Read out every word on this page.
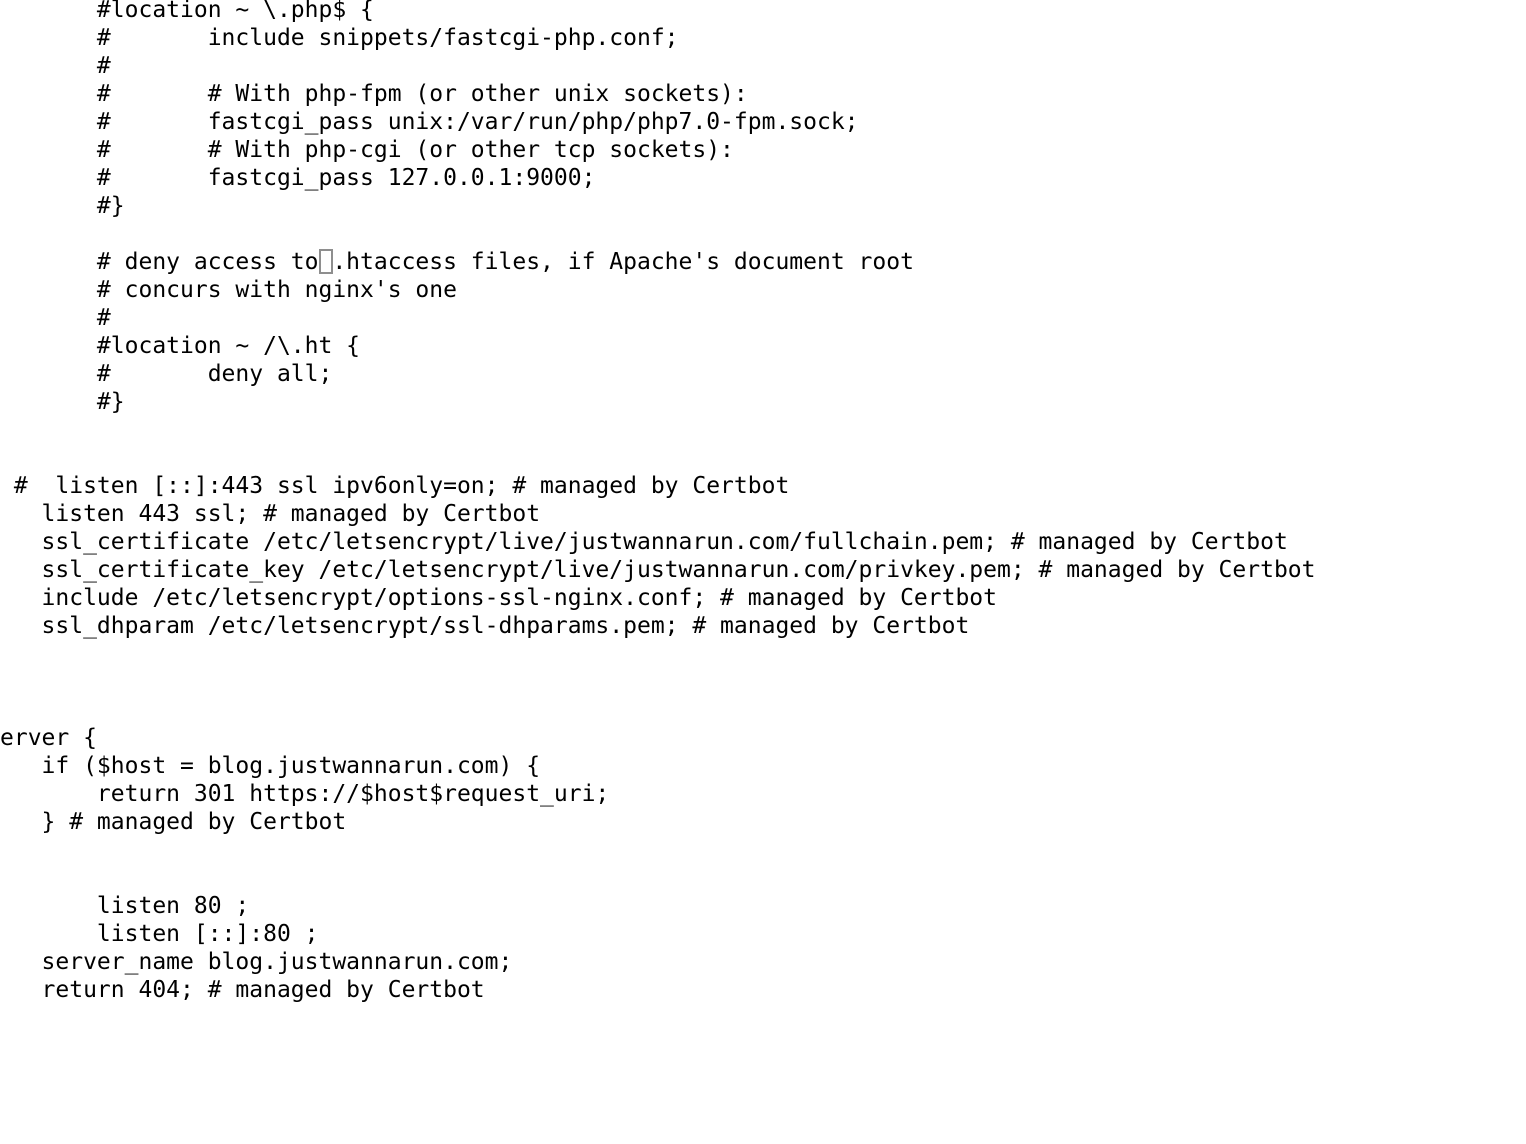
#location ~ \.php$ {
#       include snippets/fastcgi-php.conf;
#
#       # With php-fpm (or other unix sockets):
#       fastcgi_pass unix:/var/run/php/php7.0-fpm.sock;
#       # With php-cgi (or other tcp sockets):
#       fastcgi_pass 127.0.0.1:9000;
#}
# deny access to .htaccess files, if Apache's document root
# concurs with nginx's one
#
#location ~ /\.ht {
#       deny all;
#}
#  listen [::]:443 ssl ipv6only=on; # managed by Certbot
listen 443 ssl; # managed by Certbot
ssl_certificate /etc/letsencrypt/live/justwannarun.com/fullchain.pem; # managed by Certbot
ssl_certificate_key /etc/letsencrypt/live/justwannarun.com/privkey.pem; # managed by Certbot
include /etc/letsencrypt/options-ssl-nginx.conf; # managed by Certbot
ssl_dhparam /etc/letsencrypt/ssl-dhparams.pem; # managed by Certbot
erver {
if ($host = blog.justwannarun.com) {
return 301 https://$host$request_uri;
} # managed by Certbot
listen 80 ;
listen [::]:80 ;
server_name blog.justwannarun.com;
return 404; # managed by Certbot
